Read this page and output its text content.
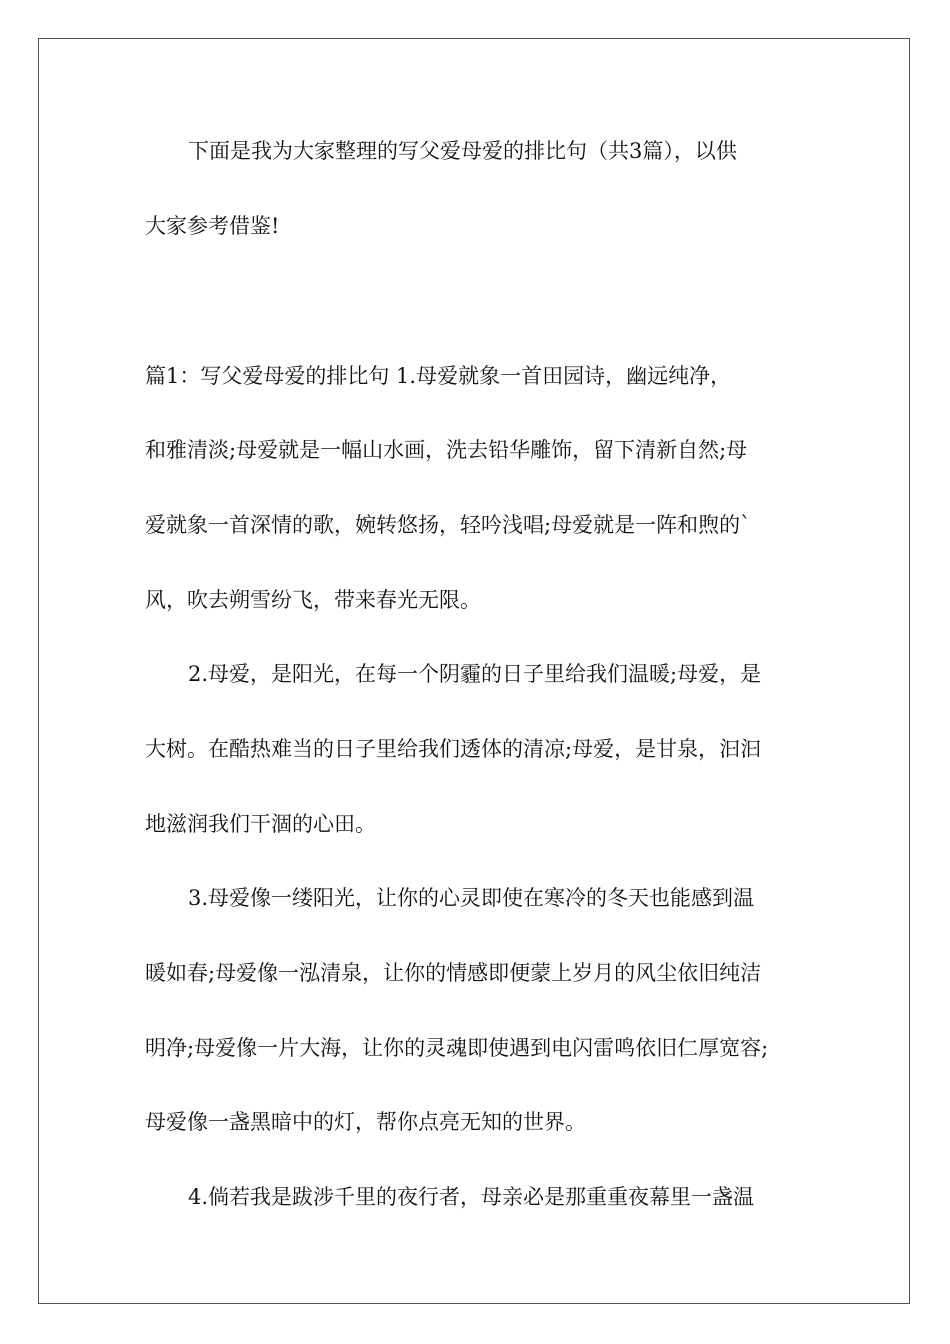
下面是我为大家整理的写父爱母爱的排比句（共3篇），以供

大家参考借鉴!

篇1：写父爱母爱的排比句 1.母爱就象一首田园诗，幽远纯净，

和雅清淡;母爱就是一幅山水画，洗去铅华雕饰，留下清新自然;母

爱就象一首深情的歌，婉转悠扬，轻吟浅唱;母爱就是一阵和煦的`

风，吹去朔雪纷飞，带来春光无限。

2.母爱，是阳光，在每一个阴霾的日子里给我们温暖;母爱，是

大树。在酷热难当的日子里给我们透体的清凉;母爱，是甘泉，汩汩

地滋润我们干涸的心田。

3.母爱像一缕阳光，让你的心灵即使在寒冷的冬天也能感到温

暖如春;母爱像一泓清泉，让你的情感即便蒙上岁月的风尘依旧纯洁

明净;母爱像一片大海，让你的灵魂即使遇到电闪雷鸣依旧仁厚宽容;

母爱像一盏黑暗中的灯，帮你点亮无知的世界。

4.倘若我是跋涉千里的夜行者，母亲必是那重重夜幕里一盏温
